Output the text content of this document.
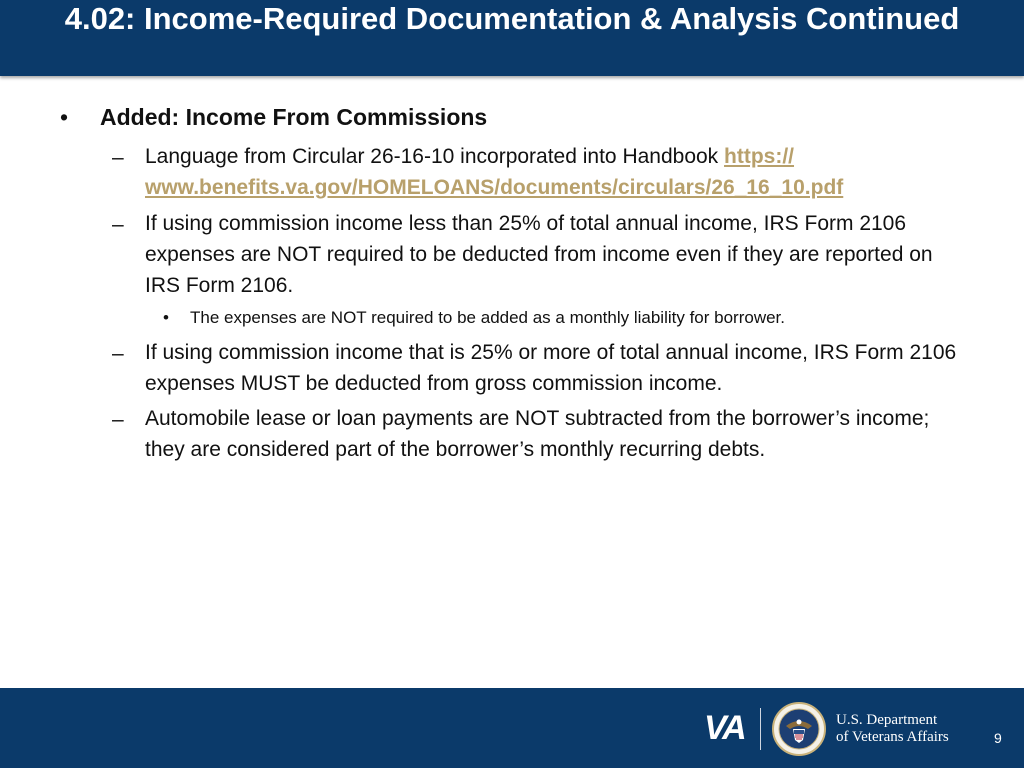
4.02: Income-Required Documentation & Analysis Continued
• Added: Income From Commissions
– Language from Circular 26-16-10 incorporated into Handbook https:// www.benefits.va.gov/HOMELOANS/documents/circulars/26_16_10.pdf
– If using commission income less than 25% of total annual income, IRS Form 2106 expenses are NOT required to be deducted from income even if they are reported on IRS Form 2106.
• The expenses are NOT required to be added as a monthly liability for borrower.
– If using commission income that is 25% or more of total annual income, IRS Form 2106 expenses MUST be deducted from gross commission income.
– Automobile lease or loan payments are NOT subtracted from the borrower’s income; they are considered part of the borrower’s monthly recurring debts.
VA	U.S. Department
of Veterans Affairs	9
